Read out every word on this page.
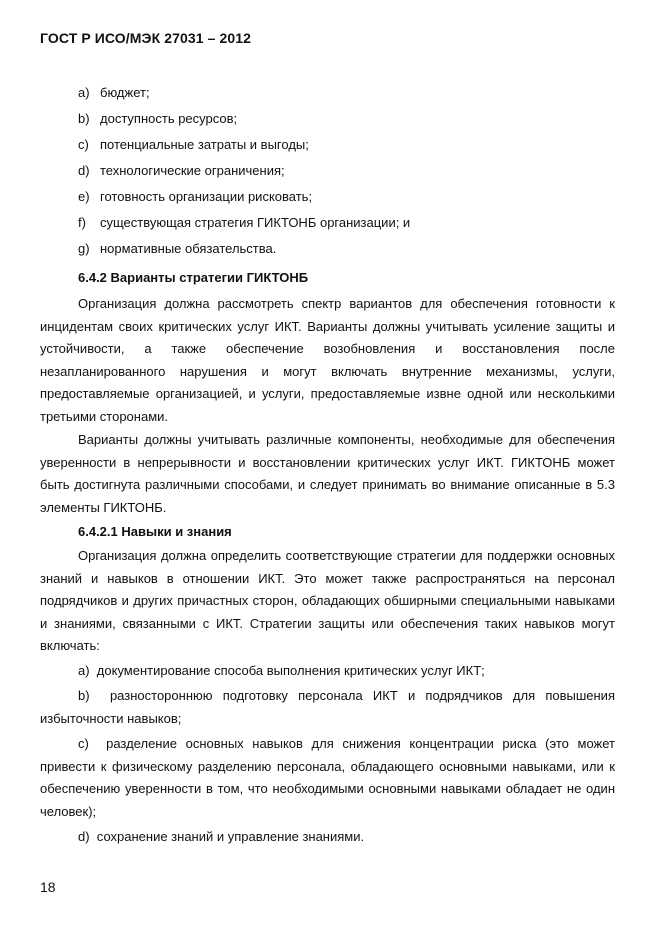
ГОСТ Р ИСО/МЭК 27031 – 2012
a) бюджет;
b) доступность ресурсов;
c) потенциальные затраты и выгоды;
d) технологические ограничения;
e) готовность организации рисковать;
f) существующая стратегия ГИКТОНБ организации; и
g) нормативные обязательства.
6.4.2 Варианты стратегии ГИКТОНБ
Организация должна рассмотреть спектр вариантов для обеспечения готовности к инцидентам своих критических услуг ИКТ. Варианты должны учитывать усиление защиты и устойчивости, а также обеспечение возобновления и восстановления после незапланированного нарушения и могут включать внутренние механизмы, услуги, предоставляемые организацией, и услуги, предоставляемые извне одной или несколькими третьими сторонами.
Варианты должны учитывать различные компоненты, необходимые для обеспечения уверенности в непрерывности и восстановлении критических услуг ИКТ. ГИКТОНБ может быть достигнута различными способами, и следует принимать во внимание описанные в 5.3 элементы ГИКТОНБ.
6.4.2.1 Навыки и знания
Организация должна определить соответствующие стратегии для поддержки основных знаний и навыков в отношении ИКТ. Это может также распространяться на персонал подрядчиков и других причастных сторон, обладающих обширными специальными навыками и знаниями, связанными с ИКТ. Стратегии защиты или обеспечения таких навыков могут включать:
a) документирование способа выполнения критических услуг ИКТ;
b) разностороннюю подготовку персонала ИКТ и подрядчиков для повышения избыточности навыков;
c) разделение основных навыков для снижения концентрации риска (это может привести к физическому разделению персонала, обладающего основными навыками, или к обеспечению уверенности в том, что необходимыми основными навыками обладает не один человек);
d) сохранение знаний и управление знаниями.
18
